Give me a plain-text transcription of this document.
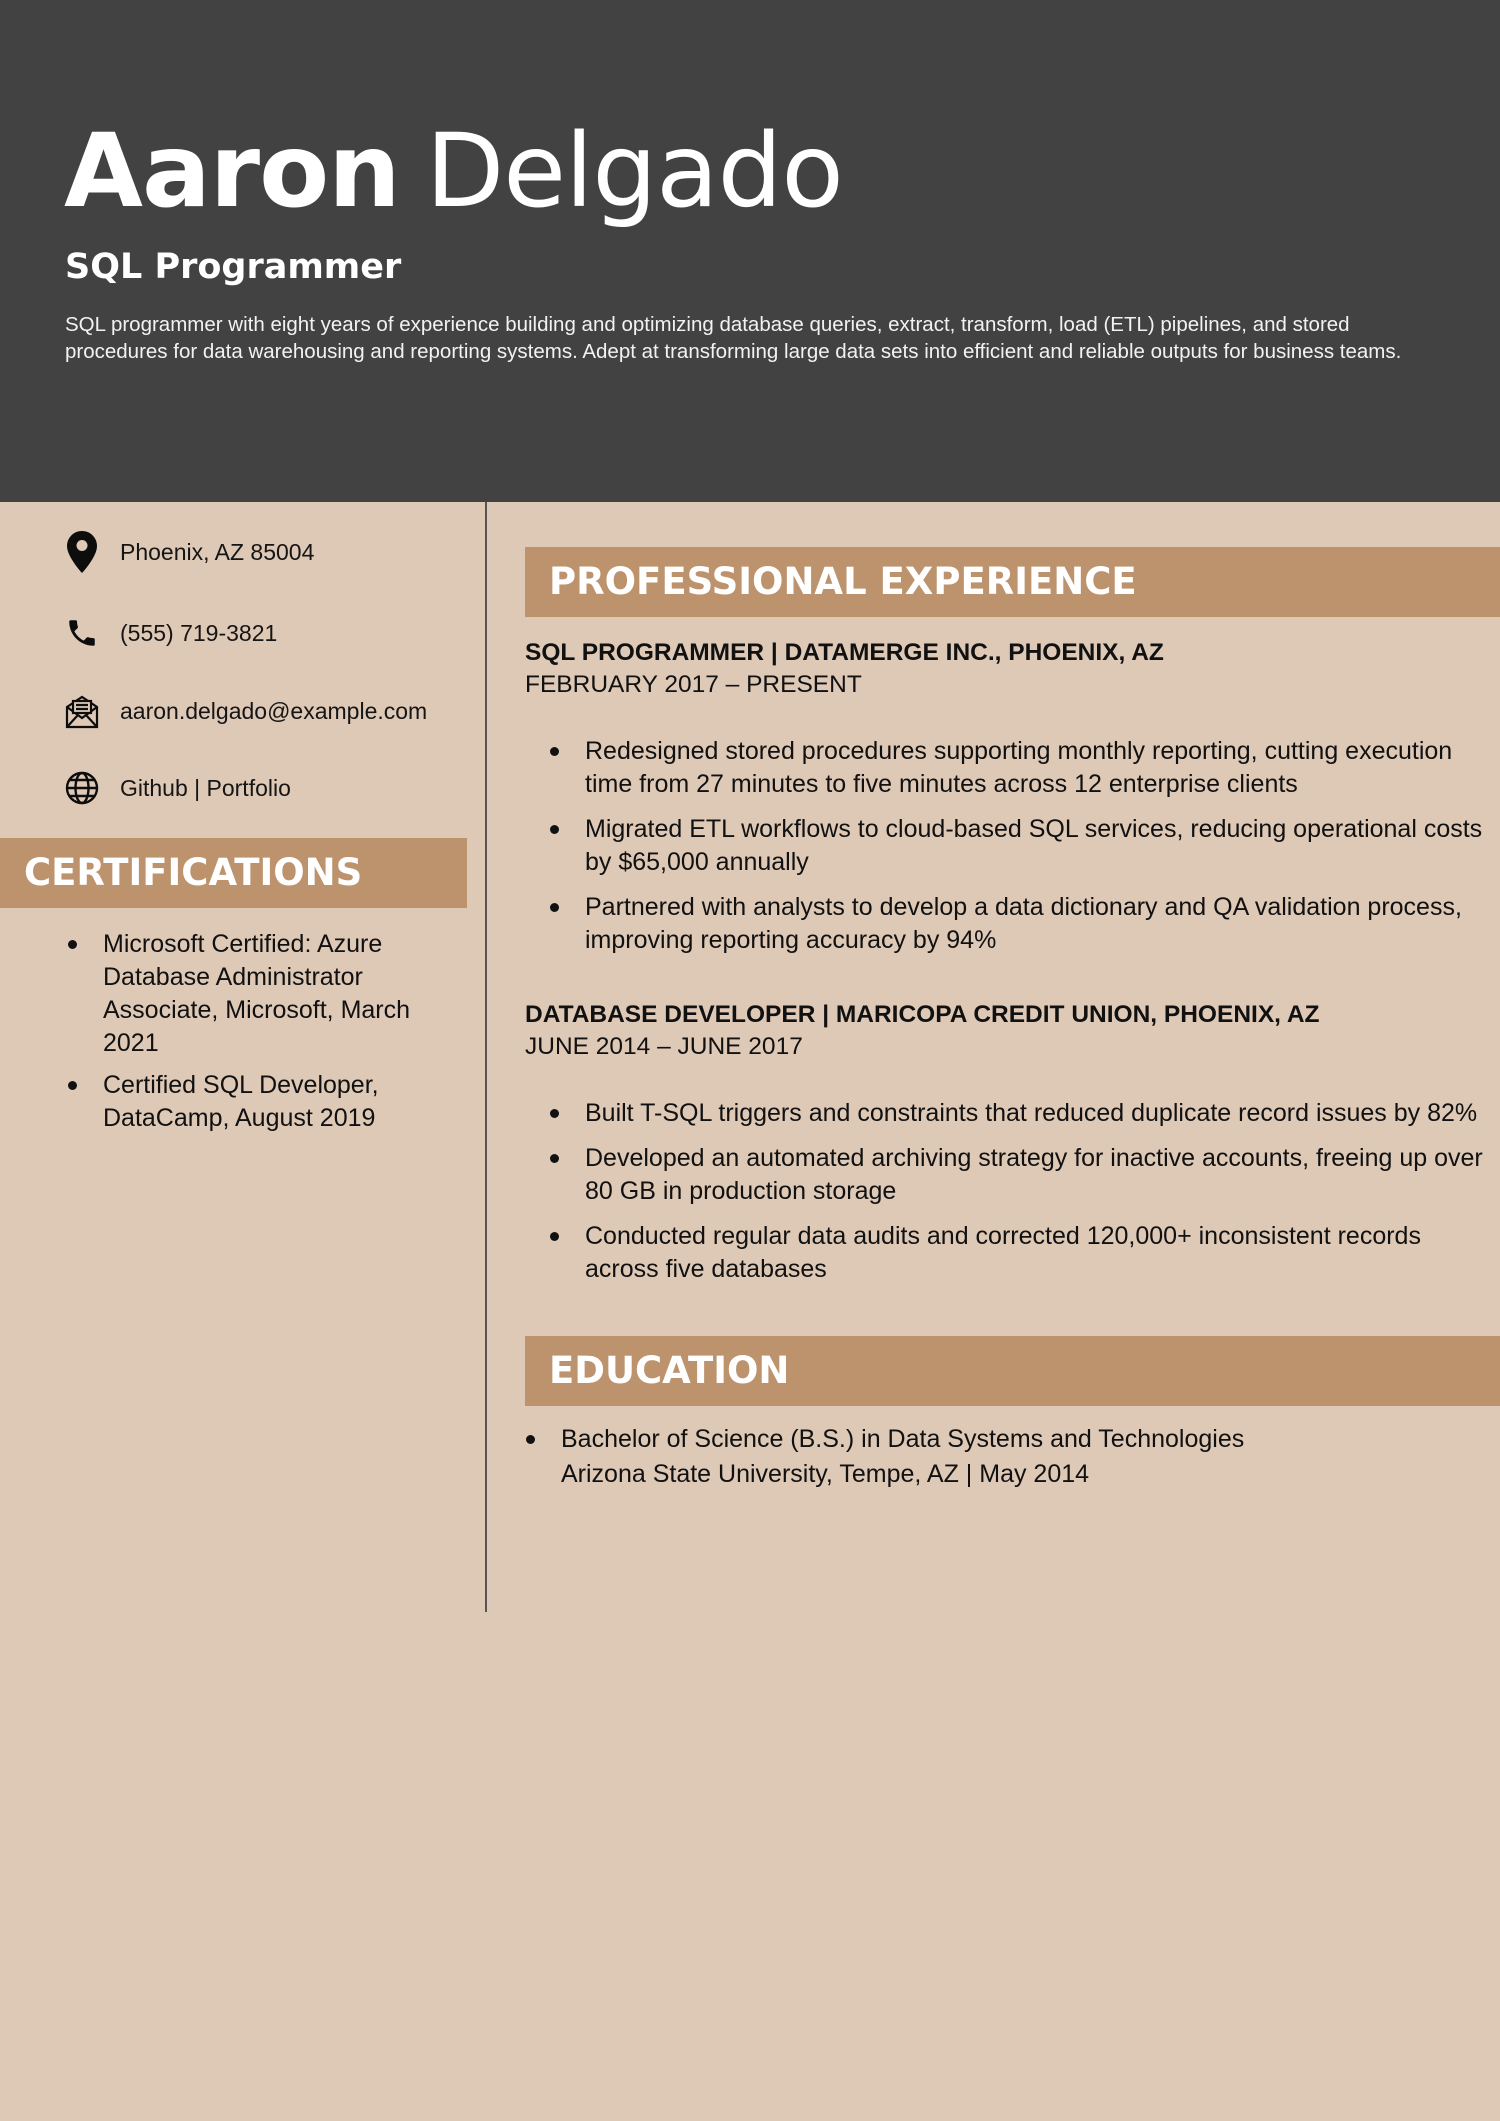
Aaron Delgado
SQL Programmer

SQL programmer with eight years of experience building and optimizing database queries, extract, transform, load (ETL) pipelines, and stored procedures for data warehousing and reporting systems. Adept at transforming large data sets into efficient and reliable outputs for business teams.

Phoenix, AZ 85004
(555) 719-3821
aaron.delgado@example.com
Github | Portfolio
CERTIFICATIONS
Microsoft Certified: Azure Database Administrator Associate, Microsoft, March 2021
Certified SQL Developer, DataCamp, August 2019
PROFESSIONAL EXPERIENCE
SQL PROGRAMMER | DATAMERGE INC., PHOENIX, AZ

FEBRUARY 2017 – PRESENT

Redesigned stored procedures supporting monthly reporting, cutting execution time from 27 minutes to five minutes across 12 enterprise clients
Migrated ETL workflows to cloud-based SQL services, reducing operational costs by $65,000 annually
Partnered with analysts to develop a data dictionary and QA validation process, improving reporting accuracy by 94%
DATABASE DEVELOPER | MARICOPA CREDIT UNION, PHOENIX, AZ

JUNE 2014 – JUNE 2017

Built T-SQL triggers and constraints that reduced duplicate record issues by 82%
Developed an automated archiving strategy for inactive accounts, freeing up over 80 GB in production storage
Conducted regular data audits and corrected 120,000+ inconsistent records across five databases
EDUCATION
Bachelor of Science (B.S.) in Data Systems and Technologies
Arizona State University, Tempe, AZ | May 2014
